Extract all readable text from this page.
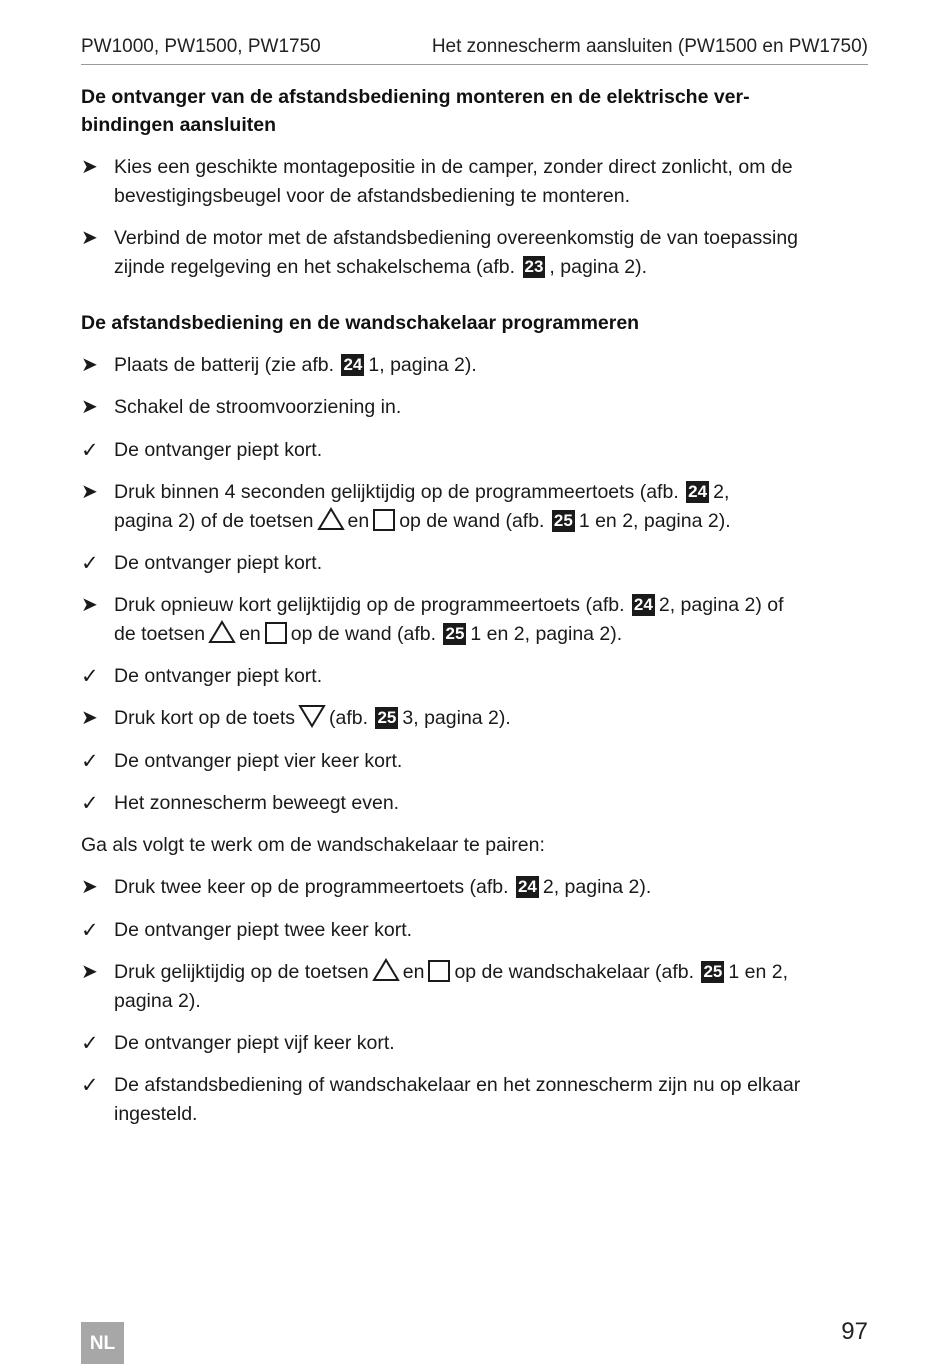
PW1000, PW1500, PW1750	Het zonnescherm aansluiten (PW1500 en PW1750)
De ontvanger van de afstandsbediening monteren en de elektrische ver-
bindingen aansluiten
➤ Kies een geschikte montagepositie in de camper, zonder direct zonlicht, om de
bevestigingsbeugel voor de afstandsbediening te monteren.
➤ Verbind de motor met de afstandsbediening overeenkomstig de van toepassing
zijnde regelgeving en het schakelschema (afb. 23 , pagina 2).
De afstandsbediening en de wandschakelaar programmeren
➤ Plaats de batterij (zie afb. 24 1, pagina 2).
➤ Schakel de stroomvoorziening in.
✓ De ontvanger piept kort.
➤ Druk binnen 4 seconden gelijktijdig op de programmeertoets (afb. 24 2,
pagina 2) of de toetsen en op de wand (afb. 25 1 en 2, pagina 2).
✓ De ontvanger piept kort.
➤ Druk opnieuw kort gelijktijdig op de programmeertoets (afb. 24 2, pagina 2) of
de toetsen en op de wand (afb. 25 1 en 2, pagina 2).
✓ De ontvanger piept kort.
➤ Druk kort op de toets (afb. 25 3, pagina 2).
✓ De ontvanger piept vier keer kort.
✓ Het zonnescherm beweegt even.
Ga als volgt te werk om de wandschakelaar te pairen:
➤ Druk twee keer op de programmeertoets (afb. 24 2, pagina 2).
✓ De ontvanger piept twee keer kort.
➤ Druk gelijktijdig op de toetsen en op de wandschakelaar (afb. 25 1 en 2,
pagina 2).
✓ De ontvanger piept vijf keer kort.
✓ De afstandsbediening of wandschakelaar en het zonnescherm zijn nu op elkaar
ingesteld.
NL	97
